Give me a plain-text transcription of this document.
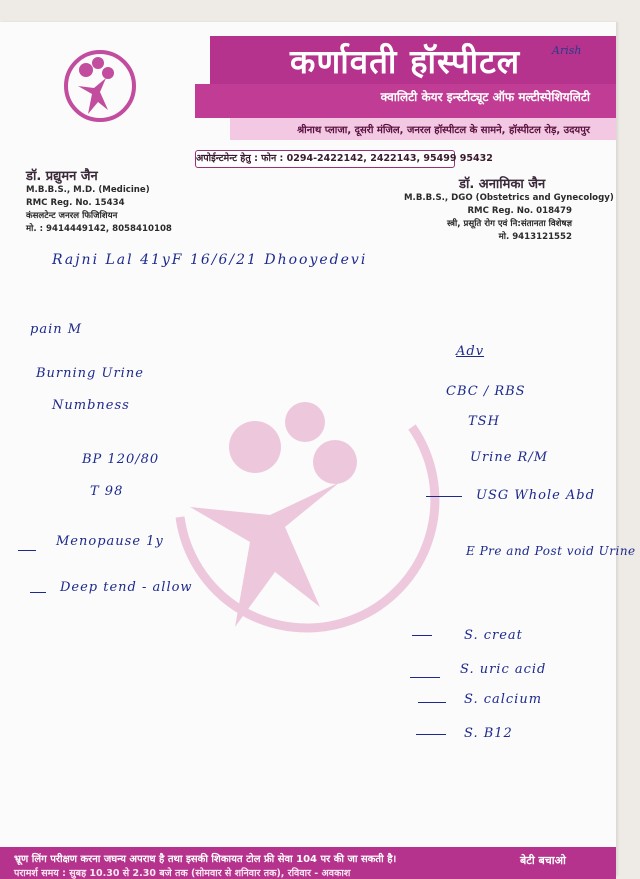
कर्णावती हॉस्पीटल
क्वालिटी केयर इन्स्टीट्यूट ऑफ मल्टीस्पेशियलिटी
श्रीनाथ प्लाजा, दूसरी मंजिल, जनरल हॉस्पीटल के सामने, हॉस्पीटल रोड़, उदयपुर
अपोईन्टमेन्ट हेतु : फोन : 0294-2422142, 2422143, 95499 95432
Arish
डॉ. प्रद्युमन जैन
M.B.B.S., M.D. (Medicine)
RMC Reg. No. 15434
कंसलटेन्ट जनरल फिजिशियन
मो. : 9414449142, 8058410108
डॉ. अनामिका जैन
M.B.B.S., DGO (Obstetrics and Gynecology)
RMC Reg. No. 018479
स्त्री, प्रसूति रोग एवं नि:संतानता विशेषज्ञ
मो. 9413121552
Rajni Lal 41yF 16/6/21 Dhooyedevi
pain M
Burning Urine
Numbness
BP 120/80
T 98
Menopause 1y
Deep tend - allow
Adv
CBC / RBS
TSH
Urine R/M
USG Whole Abd
E Pre and Post void Urine
S. creat
S. uric acid
S. calcium
S. B12
भ्रूण लिंग परीक्षण करना जघन्य अपराध है तथा इसकी शिकायत टोल फ्री सेवा 104 पर की जा सकती है।
परामर्श समय : सुबह 10.30 से 2.30 बजे तक (सोमवार से शनिवार तक), रविवार - अवकाश
बेटी बचाओ
